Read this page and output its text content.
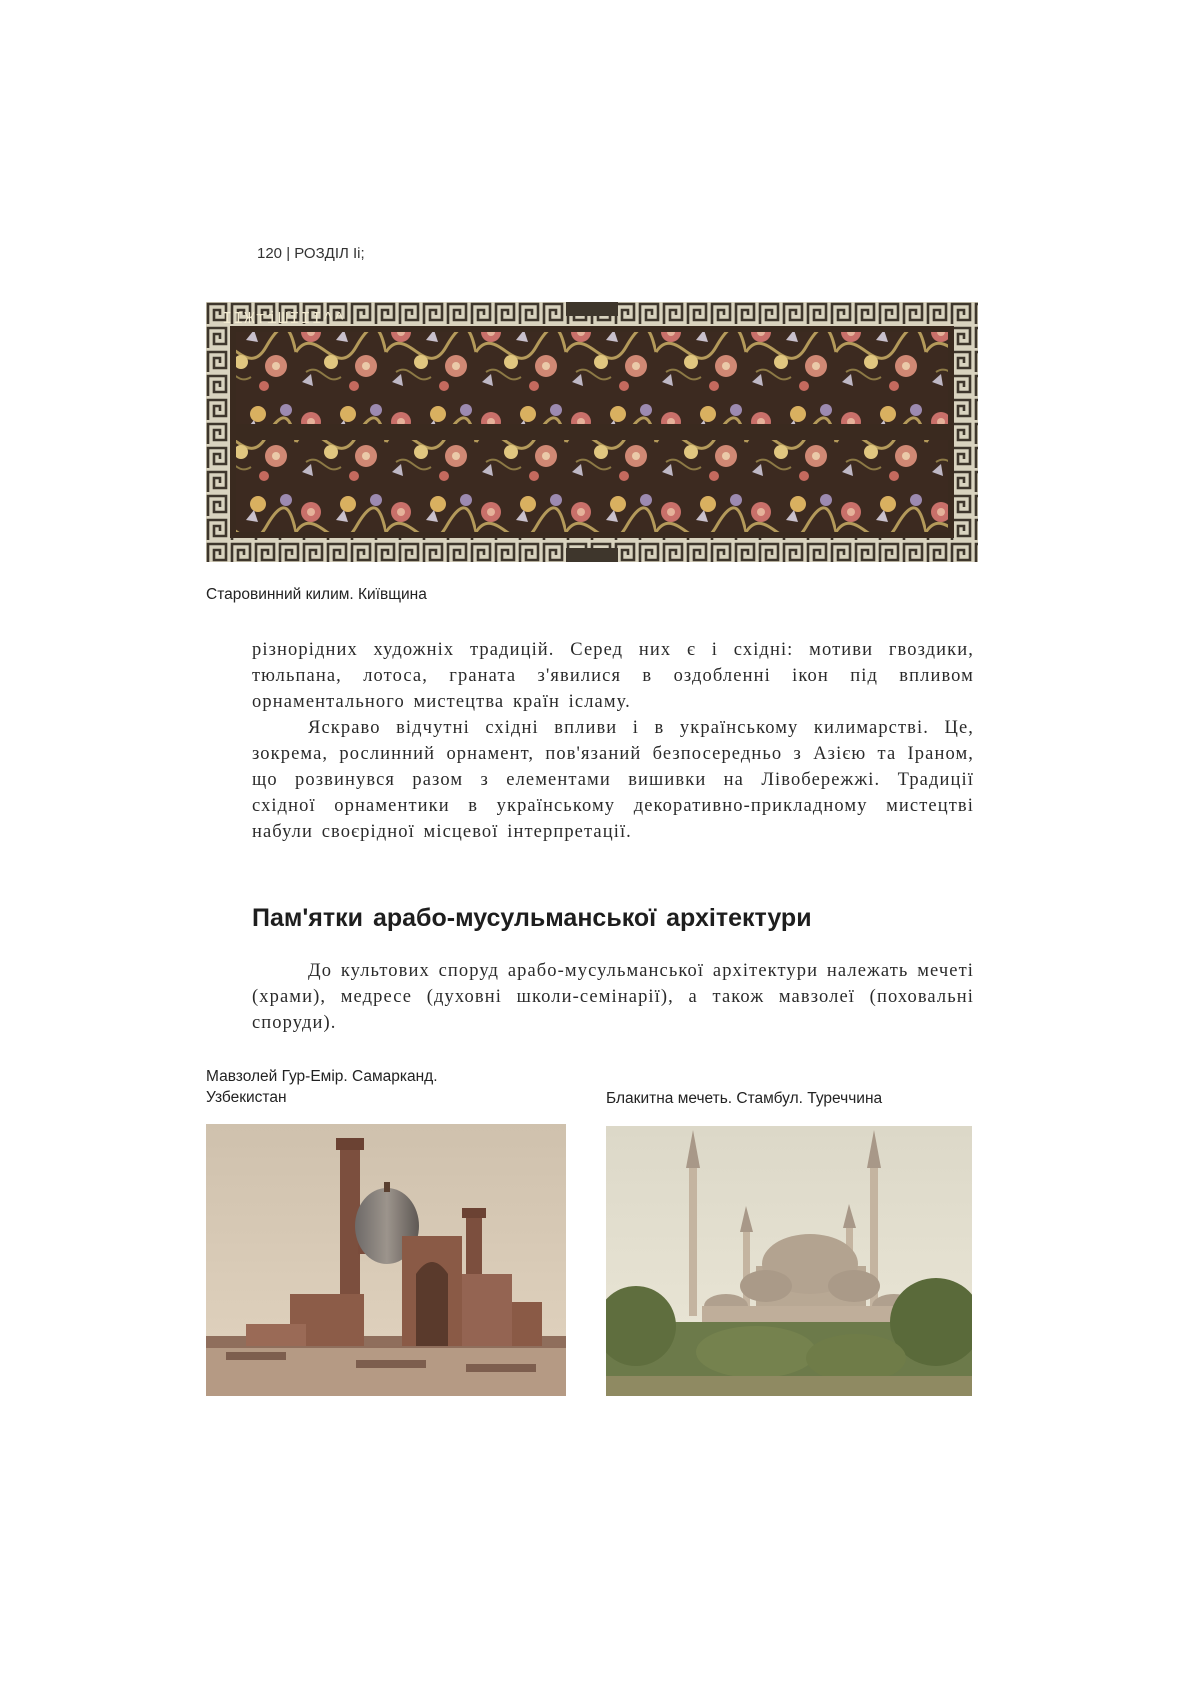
120 | РОЗДІЛ Іі;
ІІЖтіШІІІ^^
Старовинний килим. Київщина

різнорідних художніх традицій. Серед них є і східні: мотиви гвоздики, тюльпана, лотоса, граната з'явилися в оздобленні ікон під впливом орнаментального мистецтва країн ісламу.

Яскраво відчутні східні впливи і в українському килимарстві. Це, зокрема, рослинний орнамент, пов'язаний безпосередньо з Азією та Іраном, що розвинувся разом з елементами вишивки на Лівобережжі. Традиції східної орнаментики в українському декоративно-прикладному мистецтві набули своєрідної місцевої інтерпретації.

Пам'ятки арабо-мусульманської архітектури

До культових споруд арабо-мусульманської архітектури належать мечеті (храми), медресе (духовні школи-семінарії), а також мавзолеї (поховальні споруди).

Мавзолей Гур-Емір. Самарканд.
Узбекистан	Блакитна мечеть. Стамбул. Туреччина
